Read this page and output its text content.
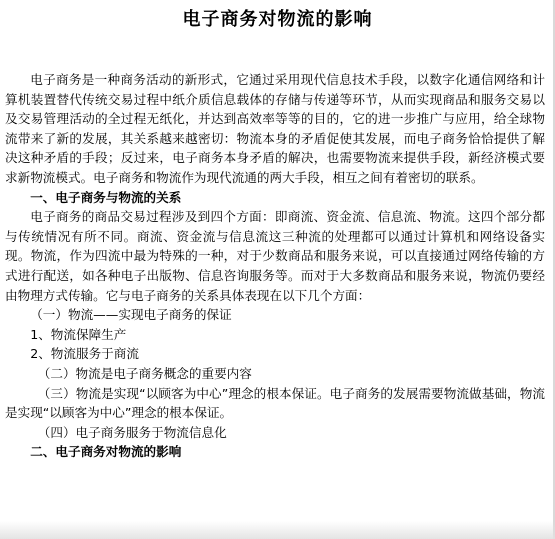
电子商务对物流的影响

电子商务是一种商务活动的新形式，它通过采用现代信息技术手段，以数字化通信网络和计算机装置替代传统交易过程中纸介质信息载体的存储与传递等环节，从而实现商品和服务交易以及交易管理活动的全过程无纸化，并达到高效率等等的目的，它的进一步推广与应用，给全球物流带来了新的发展，其关系越来越密切：物流本身的矛盾促使其发展，而电子商务恰恰提供了解决这种矛盾的手段；反过来，电子商务本身矛盾的解决，也需要物流来提供手段，新经济模式要求新物流模式。电子商务和物流作为现代流通的两大手段，相互之间有着密切的联系。

一、电子商务与物流的关系

电子商务的商品交易过程涉及到四个方面：即商流、资金流、信息流、物流。这四个部分都与传统情况有所不同。商流、资金流与信息流这三种流的处理都可以通过计算机和网络设备实现。物流，作为四流中最为特殊的一种，对于少数商品和服务来说，可以直接通过网络传输的方式进行配送，如各种电子出版物、信息咨询服务等。而对于大多数商品和服务来说，物流仍要经由物理方式传输。它与电子商务的关系具体表现在以下几个方面：

（一）物流——实现电子商务的保证

1、物流保障生产

2、物流服务于商流

（二）物流是电子商务概念的重要内容

（三）物流是实现“以顾客为中心”理念的根本保证。电子商务的发展需要物流做基础，物流是实现“以顾客为中心”理念的根本保证。

（四）电子商务服务于物流信息化

二、电子商务对物流的影响
